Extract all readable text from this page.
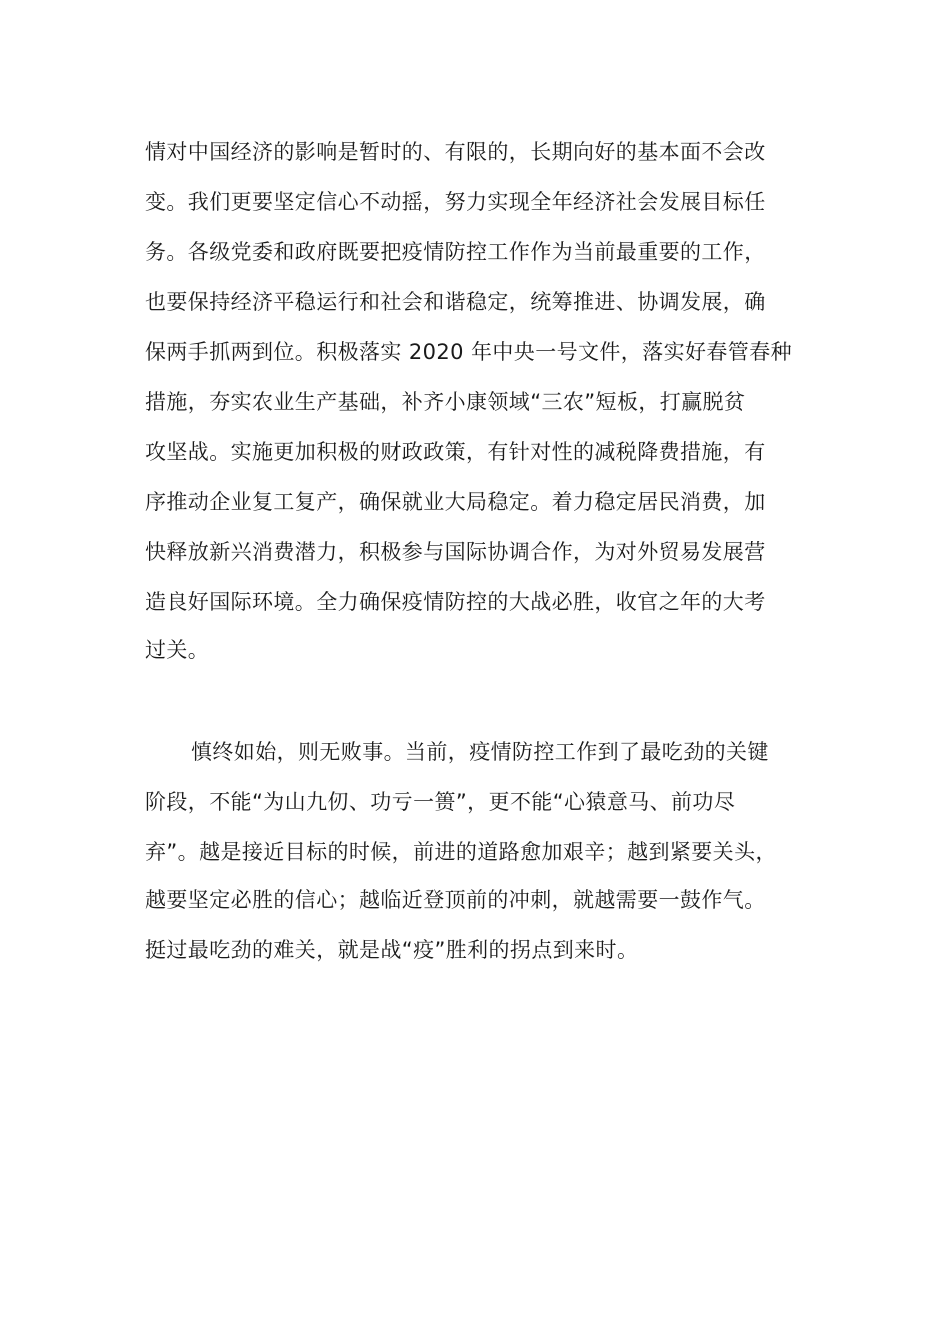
情对中国经济的影响是暂时的、有限的，长期向好的基本面不会改
变。我们更要坚定信心不动摇，努力实现全年经济社会发展目标任
务。各级党委和政府既要把疫情防控工作作为当前最重要的工作，
也要保持经济平稳运行和社会和谐稳定，统筹推进、协调发展，确
保两手抓两到位。积极落实 2020 年中央一号文件，落实好春管春种
措施，夯实农业生产基础，补齐小康领域“三农”短板，打赢脱贫
攻坚战。实施更加积极的财政政策，有针对性的减税降费措施，有
序推动企业复工复产，确保就业大局稳定。着力稳定居民消费，加
快释放新兴消费潜力，积极参与国际协调合作，为对外贸易发展营
造良好国际环境。全力确保疫情防控的大战必胜，收官之年的大考
过关。
慎终如始，则无败事。当前，疫情防控工作到了最吃劲的关键
阶段，不能“为山九仞、功亏一篑”，更不能“心猿意马、前功尽
弃”。越是接近目标的时候，前进的道路愈加艰辛；越到紧要关头，
越要坚定必胜的信心；越临近登顶前的冲刺，就越需要一鼓作气。
挺过最吃劲的难关，就是战“疫”胜利的拐点到来时。
